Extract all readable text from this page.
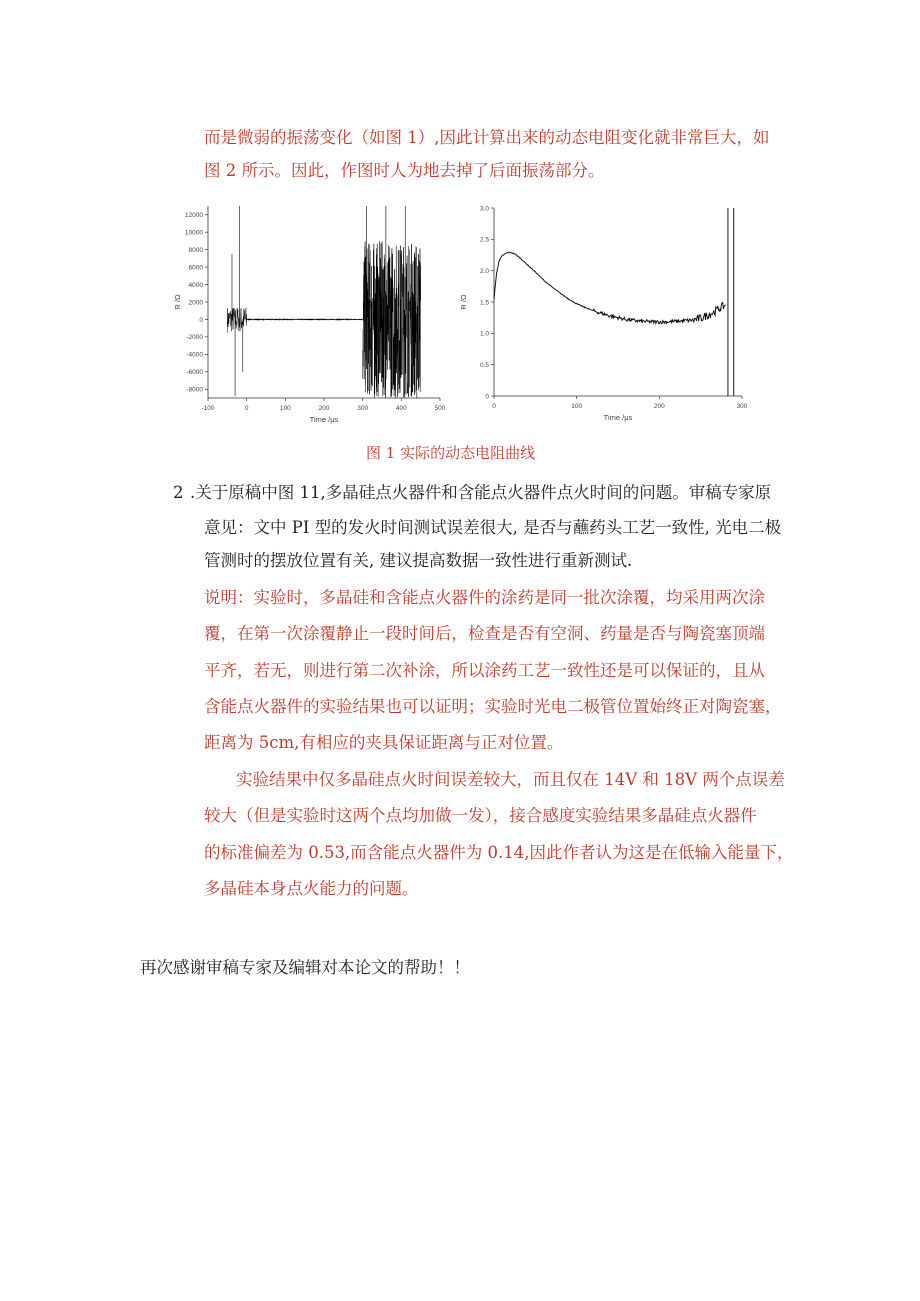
而是微弱的振荡变化（如图 1）,因此计算出来的动态电阻变化就非常巨大，如
图 2 所示。因此，作图时人为地去掉了后面振荡部分。
-100	0	100	200	300	400	500
-8000
-6000
-4000
-2000
0
2000
4000
6000
8000
10000
12000
Time /μs
R /Ω
0	100	200	300
0
0.5
1.0
1.5
2.0
2.5
3.0
Time /μs
R /Ω
图 1 实际的动态电阻曲线
2 .关于原稿中图 11,多晶硅点火器件和含能点火器件点火时间的问题。审稿专家原
意见：文中 PI 型的发火时间测试误差很大, 是否与蘸药头工艺一致性, 光电二极
管测时的摆放位置有关, 建议提高数据一致性进行重新测试.
说明：实验时，多晶硅和含能点火器件的涂药是同一批次涂覆，均采用两次涂
覆，在第一次涂覆静止一段时间后，检查是否有空洞、药量是否与陶瓷塞顶端
平齐，若无，则进行第二次补涂，所以涂药工艺一致性还是可以保证的，且从
含能点火器件的实验结果也可以证明；实验时光电二极管位置始终正对陶瓷塞，
距离为 5cm,有相应的夹具保证距离与正对位置。
实验结果中仅多晶硅点火时间误差较大，而且仅在 14V 和 18V 两个点误差
较大（但是实验时这两个点均加做一发），接合感度实验结果多晶硅点火器件
的标准偏差为 0.53,而含能点火器件为 0.14,因此作者认为这是在低输入能量下，
多晶硅本身点火能力的问题。
再次感谢审稿专家及编辑对本论文的帮助！！
